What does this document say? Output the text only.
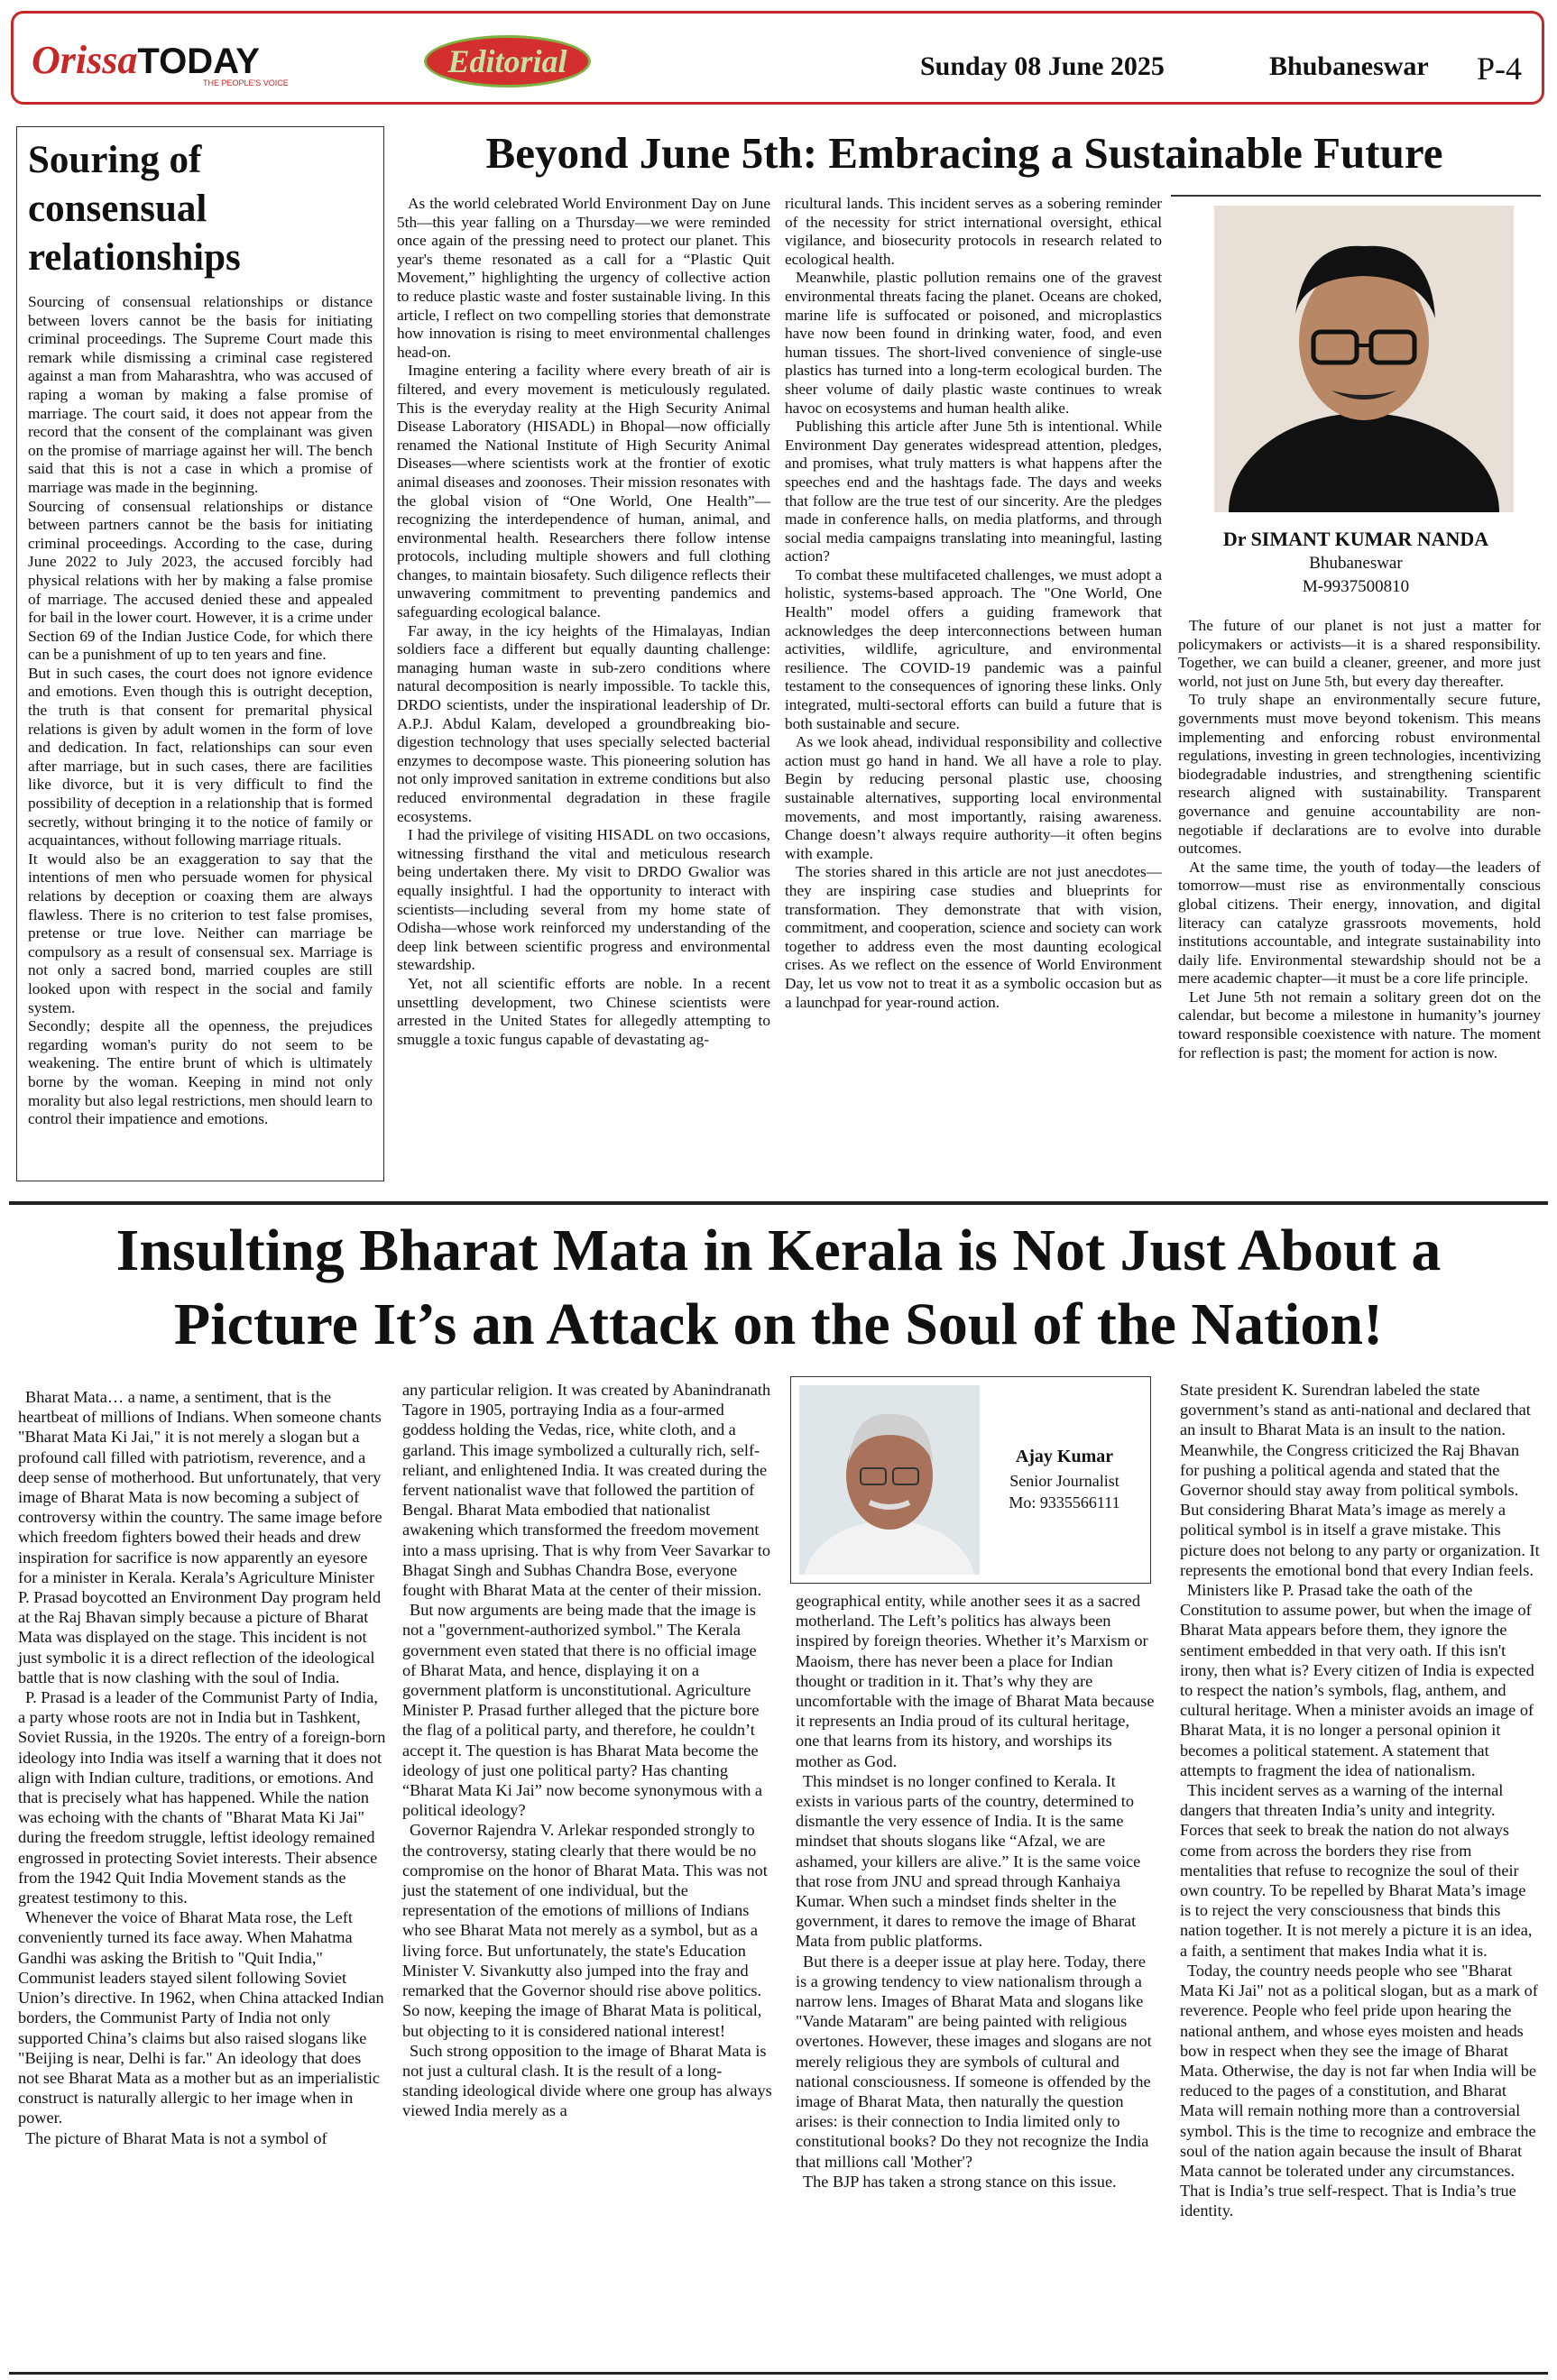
OrissaTODAY
THE PEOPLE'S VOICE
Editorial	Sunday 08 June 2025	Bhubaneswar P-4
Souring of consensual relationships

Sourcing of consensual relationships or distance between lovers cannot be the basis for initiating criminal proceedings. The Supreme Court made this remark while dismissing a criminal case registered against a man from Maharashtra, who was accused of raping a woman by making a false promise of marriage. The court said, it does not appear from the record that the consent of the complainant was given on the promise of marriage against her will. The bench said that this is not a case in which a promise of marriage was made in the beginning.

Sourcing of consensual relationships or distance between partners cannot be the basis for initiating criminal proceedings. According to the case, during June 2022 to July 2023, the accused forcibly had physical relations with her by making a false promise of marriage. The accused denied these and appealed for bail in the lower court. However, it is a crime under Section 69 of the Indian Justice Code, for which there can be a punishment of up to ten years and fine.

But in such cases, the court does not ignore evidence and emotions. Even though this is outright deception, the truth is that consent for premarital physical relations is given by adult women in the form of love and dedication. In fact, relationships can sour even after marriage, but in such cases, there are facilities like divorce, but it is very difficult to find the possibility of deception in a relationship that is formed secretly, without bringing it to the notice of family or acquaintances, without following marriage rituals.

It would also be an exaggeration to say that the intentions of men who persuade women for physical relations by deception or coaxing them are always flawless. There is no criterion to test false promises, pretense or true love. Neither can marriage be compulsory as a result of consensual sex. Marriage is not only a sacred bond, married couples are still looked upon with respect in the social and family system.

Secondly; despite all the openness, the prejudices regarding woman's purity do not seem to be weakening. The entire brunt of which is ultimately borne by the woman. Keeping in mind not only morality but also legal restrictions, men should learn to control their impatience and emotions.

Beyond June 5th: Embracing a Sustainable Future

As the world celebrated World Environment Day on June 5th—this year falling on a Thursday—we were reminded once again of the pressing need to protect our planet. This year's theme resonated as a call for a “Plastic Quit Movement,” highlighting the urgency of collective action to reduce plastic waste and foster sustainable living. In this article, I reflect on two compelling stories that demonstrate how innovation is rising to meet environmental challenges head-on.

Imagine entering a facility where every breath of air is filtered, and every movement is meticulously regulated. This is the everyday reality at the High Security Animal Disease Laboratory (HISADL) in Bhopal—now officially renamed the National Institute of High Security Animal Diseases—where scientists work at the frontier of exotic animal diseases and zoonoses. Their mission resonates with the global vision of “One World, One Health”—recognizing the interdependence of human, animal, and environmental health. Researchers there follow intense protocols, including multiple showers and full clothing changes, to maintain biosafety. Such diligence reflects their unwavering commitment to preventing pandemics and safeguarding ecological balance.

Far away, in the icy heights of the Himalayas, Indian soldiers face a different but equally daunting challenge: managing human waste in sub-zero conditions where natural decomposition is nearly impossible. To tackle this, DRDO scientists, under the inspirational leadership of Dr. A.P.J. Abdul Kalam, developed a groundbreaking bio-digestion technology that uses specially selected bacterial enzymes to decompose waste. This pioneering solution has not only improved sanitation in extreme conditions but also reduced environmental degradation in these fragile ecosystems.

I had the privilege of visiting HISADL on two occasions, witnessing firsthand the vital and meticulous research being undertaken there. My visit to DRDO Gwalior was equally insightful. I had the opportunity to interact with scientists—including several from my home state of Odisha—whose work reinforced my understanding of the deep link between scientific progress and environmental stewardship.

Yet, not all scientific efforts are noble. In a recent unsettling development, two Chinese scientists were arrested in the United States for allegedly attempting to smuggle a toxic fungus capable of devastating ag-

ricultural lands. This incident serves as a sobering reminder of the necessity for strict international oversight, ethical vigilance, and biosecurity protocols in research related to ecological health.

Meanwhile, plastic pollution remains one of the gravest environmental threats facing the planet. Oceans are choked, marine life is suffocated or poisoned, and microplastics have now been found in drinking water, food, and even human tissues. The short-lived convenience of single-use plastics has turned into a long-term ecological burden. The sheer volume of daily plastic waste continues to wreak havoc on ecosystems and human health alike.

Publishing this article after June 5th is intentional. While Environment Day generates widespread attention, pledges, and promises, what truly matters is what happens after the speeches end and the hashtags fade. The days and weeks that follow are the true test of our sincerity. Are the pledges made in conference halls, on media platforms, and through social media campaigns translating into meaningful, lasting action?

To combat these multifaceted challenges, we must adopt a holistic, systems-based approach. The "One World, One Health" model offers a guiding framework that acknowledges the deep interconnections between human activities, wildlife, agriculture, and environmental resilience. The COVID-19 pandemic was a painful testament to the consequences of ignoring these links. Only integrated, multi-sectoral efforts can build a future that is both sustainable and secure.

As we look ahead, individual responsibility and collective action must go hand in hand. We all have a role to play. Begin by reducing personal plastic use, choosing sustainable alternatives, supporting local environmental movements, and most importantly, raising awareness. Change doesn’t always require authority—it often begins with example.

The stories shared in this article are not just anecdotes—they are inspiring case studies and blueprints for transformation. They demonstrate that with vision, commitment, and cooperation, science and society can work together to address even the most daunting ecological crises. As we reflect on the essence of World Environment Day, let us vow not to treat it as a symbolic occasion but as a launchpad for year-round action.

Dr SIMANT KUMAR NANDA
Bhubaneswar
M-9937500810

The future of our planet is not just a matter for policymakers or activists—it is a shared responsibility. Together, we can build a cleaner, greener, and more just world, not just on June 5th, but every day thereafter.

To truly shape an environmentally secure future, governments must move beyond tokenism. This means implementing and enforcing robust environmental regulations, investing in green technologies, incentivizing biodegradable industries, and strengthening scientific research aligned with sustainability. Transparent governance and genuine accountability are non-negotiable if declarations are to evolve into durable outcomes.

At the same time, the youth of today—the leaders of tomorrow—must rise as environmentally conscious global citizens. Their energy, innovation, and digital literacy can catalyze grassroots movements, hold institutions accountable, and integrate sustainability into daily life. Environmental stewardship should not be a mere academic chapter—it must be a core life principle.

Let June 5th not remain a solitary green dot on the calendar, but become a milestone in humanity’s journey toward responsible coexistence with nature. The moment for reflection is past; the moment for action is now.

Insulting Bharat Mata in Kerala is Not Just About a
Picture It’s an Attack on the Soul of the Nation!

Bharat Mata… a name, a sentiment, that is the heartbeat of millions of Indians. When someone chants "Bharat Mata Ki Jai," it is not merely a slogan but a profound call filled with patriotism, reverence, and a deep sense of motherhood. But unfortunately, that very image of Bharat Mata is now becoming a subject of controversy within the country. The same image before which freedom fighters bowed their heads and drew inspiration for sacrifice is now apparently an eyesore for a minister in Kerala. Kerala’s Agriculture Minister P. Prasad boycotted an Environment Day program held at the Raj Bhavan simply because a picture of Bharat Mata was displayed on the stage. This incident is not just symbolic it is a direct reflection of the ideological battle that is now clashing with the soul of India.

P. Prasad is a leader of the Communist Party of India, a party whose roots are not in India but in Tashkent, Soviet Russia, in the 1920s. The entry of a foreign-born ideology into India was itself a warning that it does not align with Indian culture, traditions, or emotions. And that is precisely what has happened. While the nation was echoing with the chants of "Bharat Mata Ki Jai" during the freedom struggle, leftist ideology remained engrossed in protecting Soviet interests. Their absence from the 1942 Quit India Movement stands as the greatest testimony to this.

Whenever the voice of Bharat Mata rose, the Left conveniently turned its face away. When Mahatma Gandhi was asking the British to "Quit India," Communist leaders stayed silent following Soviet Union’s directive. In 1962, when China attacked Indian borders, the Communist Party of India not only supported China’s claims but also raised slogans like "Beijing is near, Delhi is far." An ideology that does not see Bharat Mata as a mother but as an imperialistic construct is naturally allergic to her image when in power.

The picture of Bharat Mata is not a symbol of

any particular religion. It was created by Abanindranath Tagore in 1905, portraying India as a four-armed goddess holding the Vedas, rice, white cloth, and a garland. This image symbolized a culturally rich, self-reliant, and enlightened India. It was created during the fervent nationalist wave that followed the partition of Bengal. Bharat Mata embodied that nationalist awakening which transformed the freedom movement into a mass uprising. That is why from Veer Savarkar to Bhagat Singh and Subhas Chandra Bose, everyone fought with Bharat Mata at the center of their mission.

But now arguments are being made that the image is not a "government-authorized symbol." The Kerala government even stated that there is no official image of Bharat Mata, and hence, displaying it on a government platform is unconstitutional. Agriculture Minister P. Prasad further alleged that the picture bore the flag of a political party, and therefore, he couldn’t accept it. The question is has Bharat Mata become the ideology of just one political party? Has chanting “Bharat Mata Ki Jai” now become synonymous with a political ideology?

Governor Rajendra V. Arlekar responded strongly to the controversy, stating clearly that there would be no compromise on the honor of Bharat Mata. This was not just the statement of one individual, but the representation of the emotions of millions of Indians who see Bharat Mata not merely as a symbol, but as a living force. But unfortunately, the state's Education Minister V. Sivankutty also jumped into the fray and remarked that the Governor should rise above politics. So now, keeping the image of Bharat Mata is political, but objecting to it is considered national interest!

Such strong opposition to the image of Bharat Mata is not just a cultural clash. It is the result of a long-standing ideological divide where one group has always viewed India merely as a

Ajay Kumar
Senior Journalist
Mo: 9335566111

geographical entity, while another sees it as a sacred motherland. The Left’s politics has always been inspired by foreign theories. Whether it’s Marxism or Maoism, there has never been a place for Indian thought or tradition in it. That’s why they are uncomfortable with the image of Bharat Mata because it represents an India proud of its cultural heritage, one that learns from its history, and worships its mother as God.

This mindset is no longer confined to Kerala. It exists in various parts of the country, determined to dismantle the very essence of India. It is the same mindset that shouts slogans like “Afzal, we are ashamed, your killers are alive.” It is the same voice that rose from JNU and spread through Kanhaiya Kumar. When such a mindset finds shelter in the government, it dares to remove the image of Bharat Mata from public platforms.

But there is a deeper issue at play here. Today, there is a growing tendency to view nationalism through a narrow lens. Images of Bharat Mata and slogans like "Vande Mataram" are being painted with religious overtones. However, these images and slogans are not merely religious they are symbols of cultural and national consciousness. If someone is offended by the image of Bharat Mata, then naturally the question arises: is their connection to India limited only to constitutional books? Do they not recognize the India that millions call 'Mother'?

The BJP has taken a strong stance on this issue.

State president K. Surendran labeled the state government’s stand as anti-national and declared that an insult to Bharat Mata is an insult to the nation. Meanwhile, the Congress criticized the Raj Bhavan for pushing a political agenda and stated that the Governor should stay away from political symbols. But considering Bharat Mata’s image as merely a political symbol is in itself a grave mistake. This picture does not belong to any party or organization. It represents the emotional bond that every Indian feels.

Ministers like P. Prasad take the oath of the Constitution to assume power, but when the image of Bharat Mata appears before them, they ignore the sentiment embedded in that very oath. If this isn't irony, then what is? Every citizen of India is expected to respect the nation’s symbols, flag, anthem, and cultural heritage. When a minister avoids an image of Bharat Mata, it is no longer a personal opinion it becomes a political statement. A statement that attempts to fragment the idea of nationalism.

This incident serves as a warning of the internal dangers that threaten India’s unity and integrity. Forces that seek to break the nation do not always come from across the borders they rise from mentalities that refuse to recognize the soul of their own country. To be repelled by Bharat Mata’s image is to reject the very consciousness that binds this nation together. It is not merely a picture it is an idea, a faith, a sentiment that makes India what it is.

Today, the country needs people who see "Bharat Mata Ki Jai" not as a political slogan, but as a mark of reverence. People who feel pride upon hearing the national anthem, and whose eyes moisten and heads bow in respect when they see the image of Bharat Mata. Otherwise, the day is not far when India will be reduced to the pages of a constitution, and Bharat Mata will remain nothing more than a controversial symbol. This is the time to recognize and embrace the soul of the nation again because the insult of Bharat Mata cannot be tolerated under any circumstances. That is India’s true self-respect. That is India’s true identity.
